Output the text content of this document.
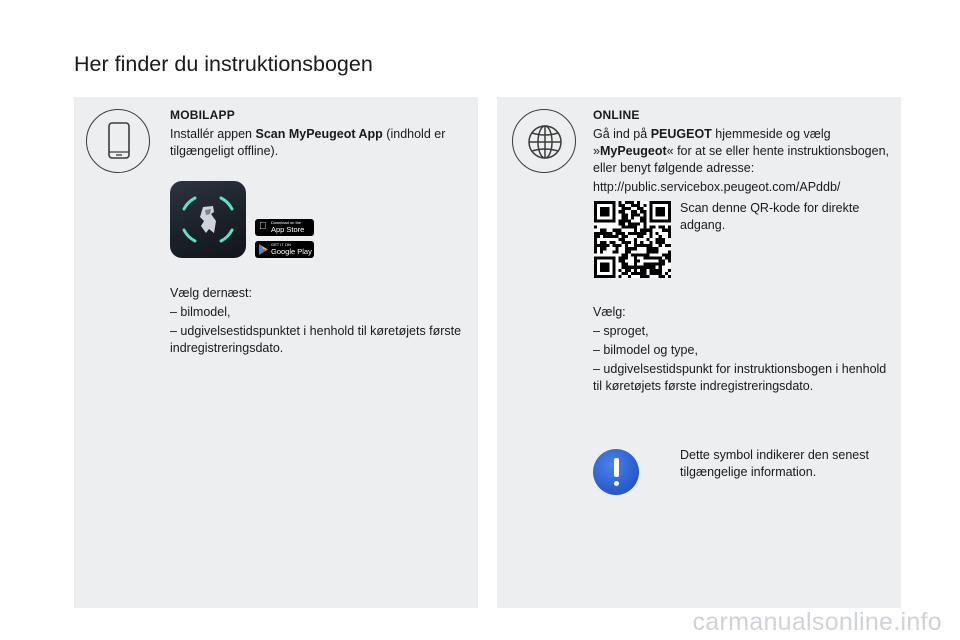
Her finder du instruktionsbogen
MOBILAPP
Installér appen Scan MyPeugeot App (indhold er
tilgængeligt offline).
Download on the
App Store
GET IT ON
Google Play
Vælg dernæst:
– bilmodel,
– udgivelsestidspunktet i henhold til køretøjets første
indregistreringsdato.
ONLINE
Gå ind på PEUGEOT hjemmeside og vælg
»MyPeugeot« for at se eller hente instruktionsbogen,
eller benyt følgende adresse:
http://public.servicebox.peugeot.com/APddb/
Scan denne QR-kode for direkte
adgang.
Vælg:
– sproget,
– bilmodel og type,
– udgivelsestidspunkt for instruktionsbogen i henhold
til køretøjets første indregistreringsdato.
Dette symbol indikerer den senest
tilgængelige information.
carmanualsonline.info
